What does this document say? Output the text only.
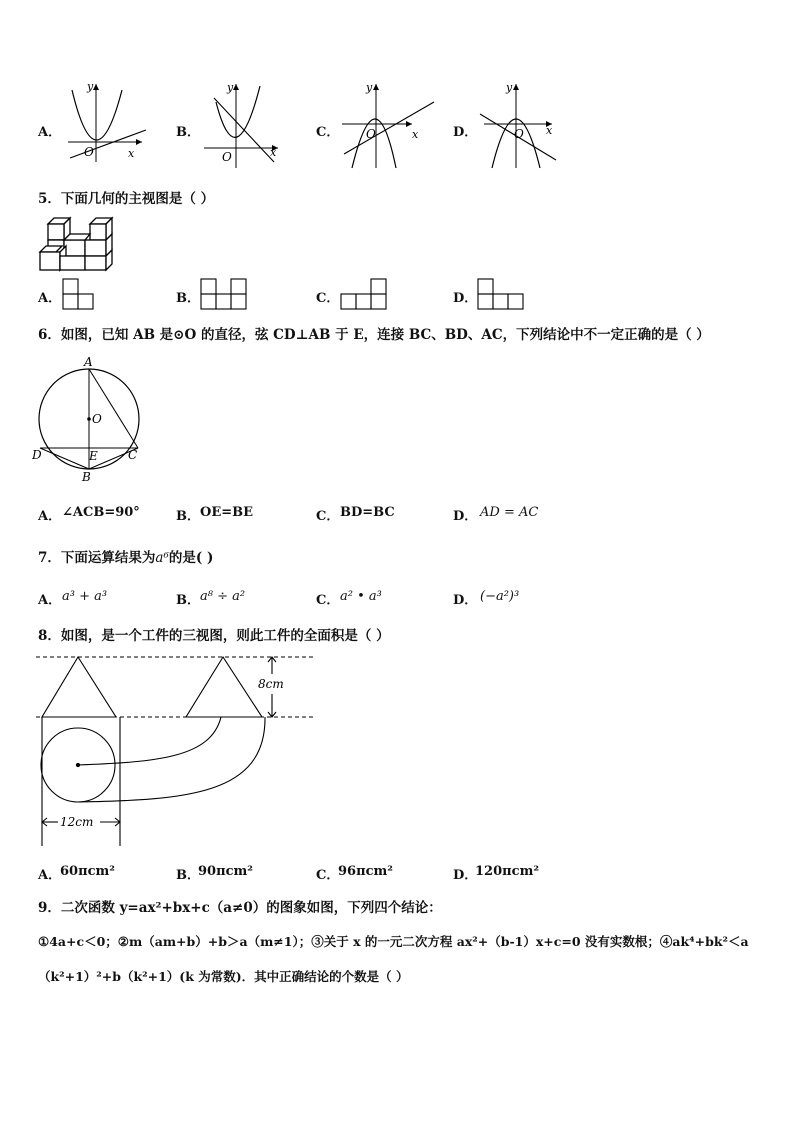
A．
O	x
y
B．
O	x
y
C． O	x
y
D．	O x
y
5．下面几何的主视图是（ ）
A．	B．	C．	D．
6．如图，已知 AB 是⊙O 的直径，弦 CD⊥AB 于 E，连接 BC、BD、AC，下列结论中不一定正确的是（ ）
A
O
D	E	C
B
A． ∠ACB=90°	B． OE=BE	C． BD=BC	D． AD = AC
7．下面运算结果为a⁶的是( )
A． a³ + a³	B． a⁸ ÷ a²	C． a² • a³	D． (−a²)³
8．如图，是一个工件的三视图，则此工件的全面积是（ ）
8cm
12cm
A．
60πcm²	B．
90πcm²	C．
96πcm²	D．
120πcm²
9．二次函数 y=ax²+bx+c（a≠0）的图象如图，下列四个结论：
①4a+c＜0；②m（am+b）+b＞a（m≠1）；③关于 x 的一元二次方程 ax²+（b-1）x+c=0 没有实数根；④ak⁴+bk²＜a
（k²+1）²+b（k²+1）(k 为常数)．其中正确结论的个数是（ ）
